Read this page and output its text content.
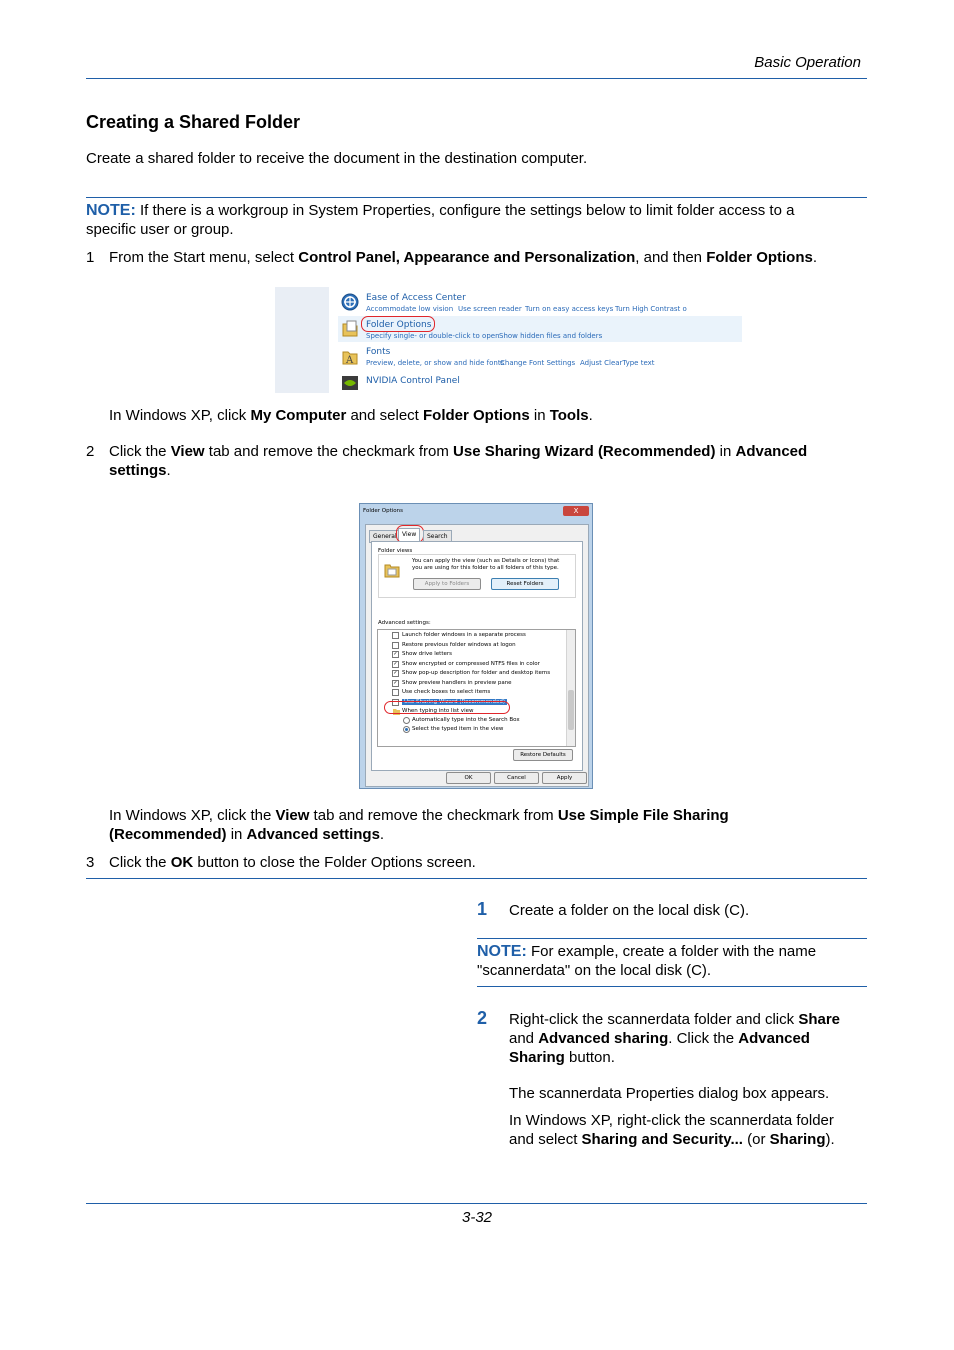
Basic Operation
Creating a Shared Folder
Create a shared folder to receive the document in the destination computer.
NOTE: If there is a workgroup in System Properties, configure the settings below to limit folder access to a
specific user or group.
1 From the Start menu, select Control Panel, Appearance and Personalization, and then Folder Options.
Ease of Access Center
Accommodate low vision Use screen reader Turn on easy access keys Turn High Contrast o
Folder Options
Specify single- or double-click to open Show hidden files and folders
A
Fonts
Preview, delete, or show and hide fonts
Change Font Settings Adjust ClearType text
NVIDIA Control Panel
In Windows XP, click My Computer and select Folder Options in Tools.
2 Click the View tab and remove the checkmark from Use Sharing Wizard (Recommended) in Advanced
settings.
Folder Options	X
General View	Search
Folder views
You can apply the view (such as Details or Icons) that
you are using for this folder to all folders of this type.
Apply to Folders	Reset Folders
Advanced settings:
Launch folder windows in a separate process
Restore previous folder windows at logon
✓ Show drive letters
✓ Show encrypted or compressed NTFS files in color
✓ Show pop-up description for folder and desktop items
✓ Show preview handlers in preview pane
Use check boxes to select items
Use Sharing Wizard (Recommended)
When typing into list view
Automatically type into the Search Box
Select the typed item in the view
Restore Defaults
OK	Cancel	Apply
In Windows XP, click the View tab and remove the checkmark from Use Simple File Sharing
(Recommended) in Advanced settings.
3 Click the OK button to close the Folder Options screen.
1 Create a folder on the local disk (C).
NOTE: For example, create a folder with the name
"scannerdata" on the local disk (C).
2 Right-click the scannerdata folder and click Share
and Advanced sharing. Click the Advanced
Sharing button.
The scannerdata Properties dialog box appears.
In Windows XP, right-click the scannerdata folder
and select Sharing and Security... (or Sharing).
3-32
